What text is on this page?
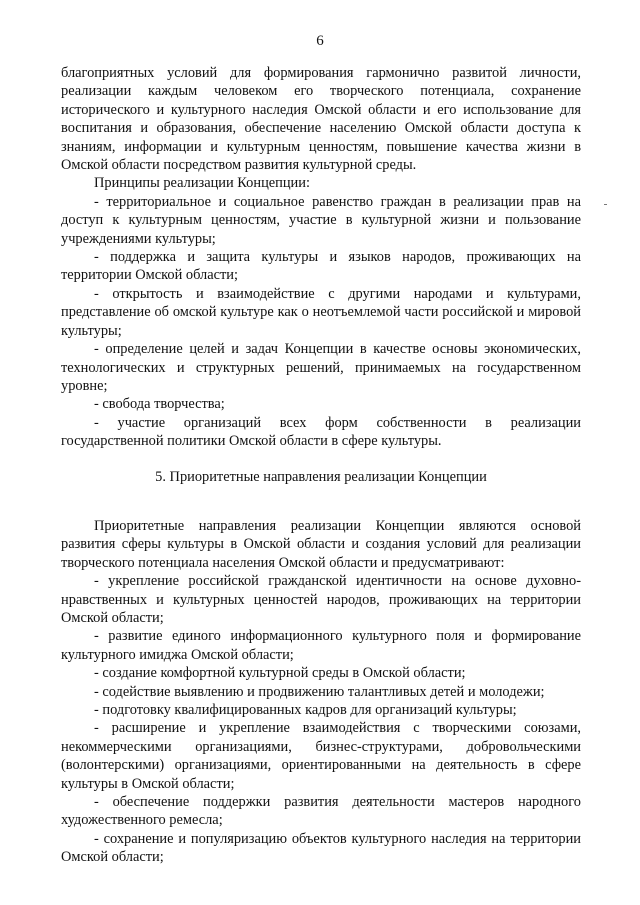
6

благоприятных условий для формирования гармонично развитой личности, реализации каждым человеком его творческого потенциала, сохранение исторического и культурного наследия Омской области и его использование для воспитания и образования, обеспечение населению Омской области доступа к знаниям, информации и культурным ценностям, повышение качества жизни в Омской области посредством развития культурной среды.

Принципы реализации Концепции:

- территориальное и социальное равенство граждан в реализации прав на доступ к культурным ценностям, участие в культурной жизни и пользование учреждениями культуры;

- поддержка и защита культуры и языков народов, проживающих на территории Омской области;

- открытость и взаимодействие с другими народами и культурами, представление об омской культуре как о неотъемлемой части российской и мировой культуры;

- определение целей и задач Концепции в качестве основы экономических, технологических и структурных решений, принимаемых на государственном уровне;

- свобода творчества;

- участие организаций всех форм собственности в реализации государственной политики Омской области в сфере культуры.

5. Приоритетные направления реализации Концепции

Приоритетные направления реализации Концепции являются основой развития сферы культуры в Омской области и создания условий для реализации творческого потенциала населения Омской области и предусматривают:

- укрепление российской гражданской идентичности на основе духовно-нравственных и культурных ценностей народов, проживающих на территории Омской области;

- развитие единого информационного культурного поля и формирование культурного имиджа Омской области;

- создание комфортной культурной среды в Омской области;

- содействие выявлению и продвижению талантливых детей и молодежи;

- подготовку квалифицированных кадров для организаций культуры;

- расширение и укрепление взаимодействия с творческими союзами, некоммерческими организациями, бизнес-структурами, добровольческими (волонтерскими) организациями, ориентированными на деятельность в сфере культуры в Омской области;

- обеспечение поддержки развития деятельности мастеров народного художественного ремесла;

- сохранение и популяризацию объектов культурного наследия на территории Омской области;
